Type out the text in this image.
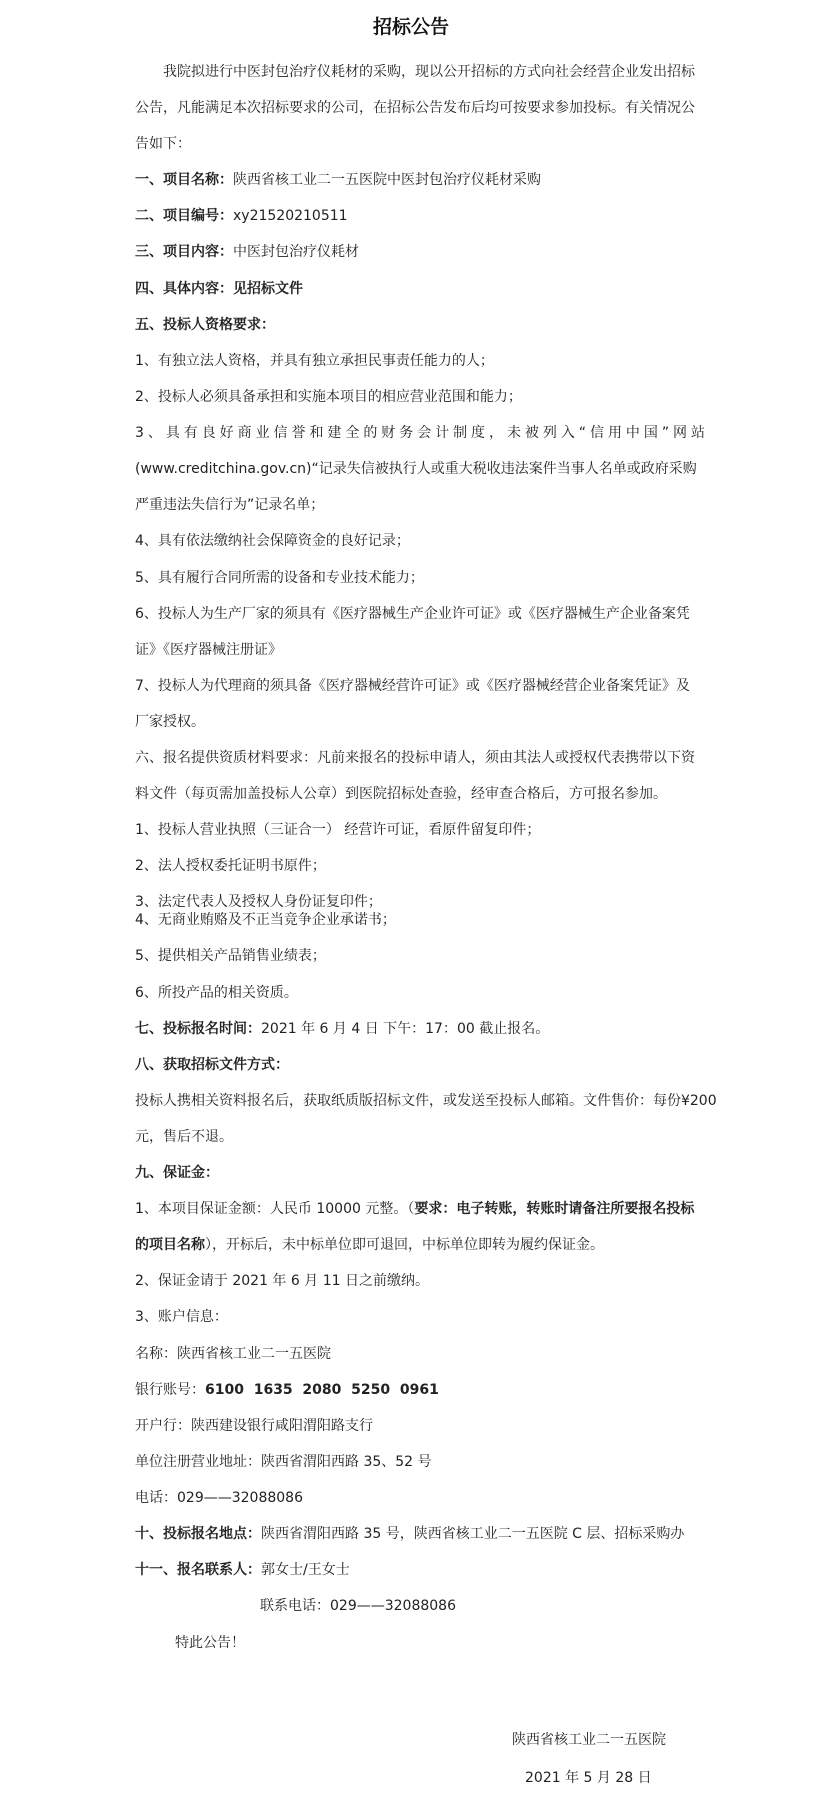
招标公告
我院拟进行中医封包治疗仪耗材的采购，现以公开招标的方式向社会经营企业发出招标
公告，凡能满足本次招标要求的公司，在招标公告发布后均可按要求参加投标。有关情况公
告如下：
一、项目名称：陕西省核工业二一五医院中医封包治疗仪耗材采购
二、项目编号：xy21520210511
三、项目内容：中医封包治疗仪耗材
四、具体内容：见招标文件
五、投标人资格要求：
1、有独立法人资格，并具有独立承担民事责任能力的人；
2、投标人必须具备承担和实施本项目的相应营业范围和能力；
3、具有良好商业信誉和建全的财务会计制度，未被列入“信用中国”网站
(www.creditchina.gov.cn)“记录失信被执行人或重大税收违法案件当事人名单或政府采购
严重违法失信行为”记录名单；
4、具有依法缴纳社会保障资金的良好记录；
5、具有履行合同所需的设备和专业技术能力；
6、投标人为生产厂家的须具有《医疗器械生产企业许可证》或《医疗器械生产企业备案凭
证》《医疗器械注册证》
7、投标人为代理商的须具备《医疗器械经营许可证》或《医疗器械经营企业备案凭证》及
厂家授权。
六、报名提供资质材料要求：凡前来报名的投标申请人，须由其法人或授权代表携带以下资
料文件（每页需加盖投标人公章）到医院招标处查验，经审查合格后，方可报名参加。
1、投标人营业执照（三证合一） 经营许可证，看原件留复印件；
2、法人授权委托证明书原件；
3、法定代表人及授权人身份证复印件；
4、无商业贿赂及不正当竞争企业承诺书；
5、提供相关产品销售业绩表；
6、所投产品的相关资质。
七、投标报名时间：2021 年 6 月 4 日 下午：17：00 截止报名。
八、获取招标文件方式：
投标人携相关资料报名后，获取纸质版招标文件，或发送至投标人邮箱。文件售价：每份¥200
元，售后不退。
九、保证金：
1、本项目保证金额：人民币 10000 元整。（要求：电子转账，转账时请备注所要报名投标
的项目名称），开标后，未中标单位即可退回，中标单位即转为履约保证金。
2、保证金请于 2021 年 6 月 11 日之前缴纳。
3、账户信息：
名称：陕西省核工业二一五医院
银行账号：6100  1635  2080  5250  0961
开户行：陕西建设银行咸阳渭阳路支行
单位注册营业地址：陕西省渭阳西路 35、52 号
电话：029——32088086
十、投标报名地点：陕西省渭阳西路 35 号，陕西省核工业二一五医院 C 层、招标采购办
十一、报名联系人：郭女士/王女士
联系电话：029——32088086
特此公告！
陕西省核工业二一五医院
2021 年 5 月 28 日
